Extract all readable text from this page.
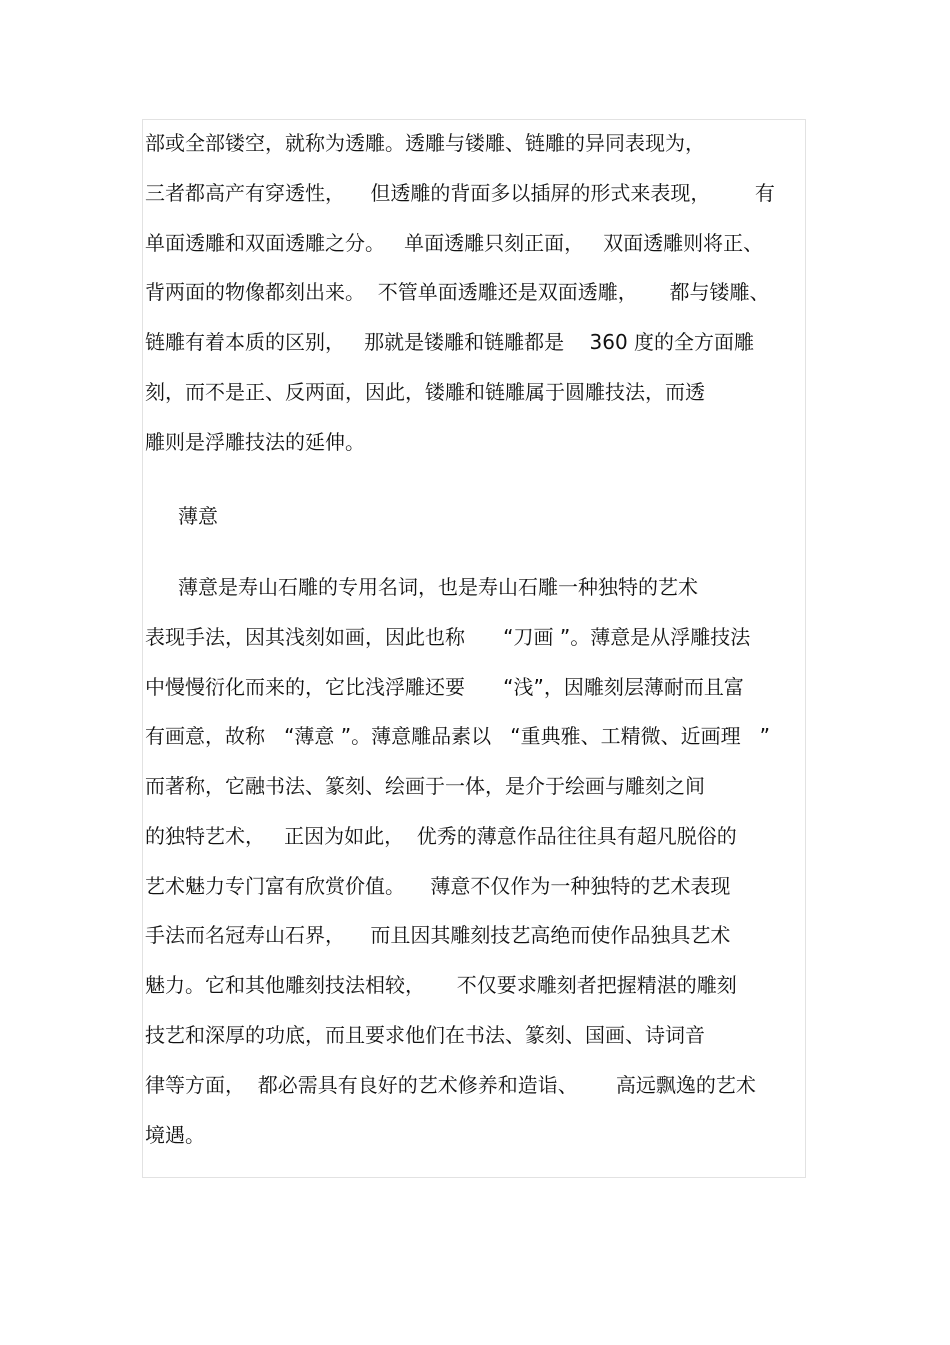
部或全部镂空，就称为透雕。透雕与镂雕、链雕的异同表现为，
三者都高产有穿透性，    但透雕的背面多以插屏的形式来表现，       有
单面透雕和双面透雕之分。   单面透雕只刻正面，   双面透雕则将正、
背两面的物像都刻出来。  不管单面透雕还是双面透雕，     都与镂雕、
链雕有着本质的区别，   那就是镂雕和链雕都是    360 度的全方面雕
刻，而不是正、反两面，因此，镂雕和链雕属于圆雕技法，而透
雕则是浮雕技法的延伸。
薄意
薄意是寿山石雕的专用名词，也是寿山石雕一种独特的艺术
表现手法，因其浅刻如画，因此也称      “刀画 ”。薄意是从浮雕技法
中慢慢衍化而来的，它比浅浮雕还要      “浅”，因雕刻层薄耐而且富
有画意，故称   “薄意 ”。薄意雕品素以   “重典雅、工精微、近画理   ”
而著称，它融书法、篆刻、绘画于一体，是介于绘画与雕刻之间
的独特艺术，   正因为如此，  优秀的薄意作品往往具有超凡脱俗的
艺术魅力专门富有欣赏价值。    薄意不仅作为一种独特的艺术表现
手法而名冠寿山石界，    而且因其雕刻技艺高绝而使作品独具艺术
魅力。它和其他雕刻技法相较，     不仅要求雕刻者把握精湛的雕刻
技艺和深厚的功底，而且要求他们在书法、篆刻、国画、诗词音
律等方面，  都必需具有良好的艺术修养和造诣、      高远飘逸的艺术
境遇。
